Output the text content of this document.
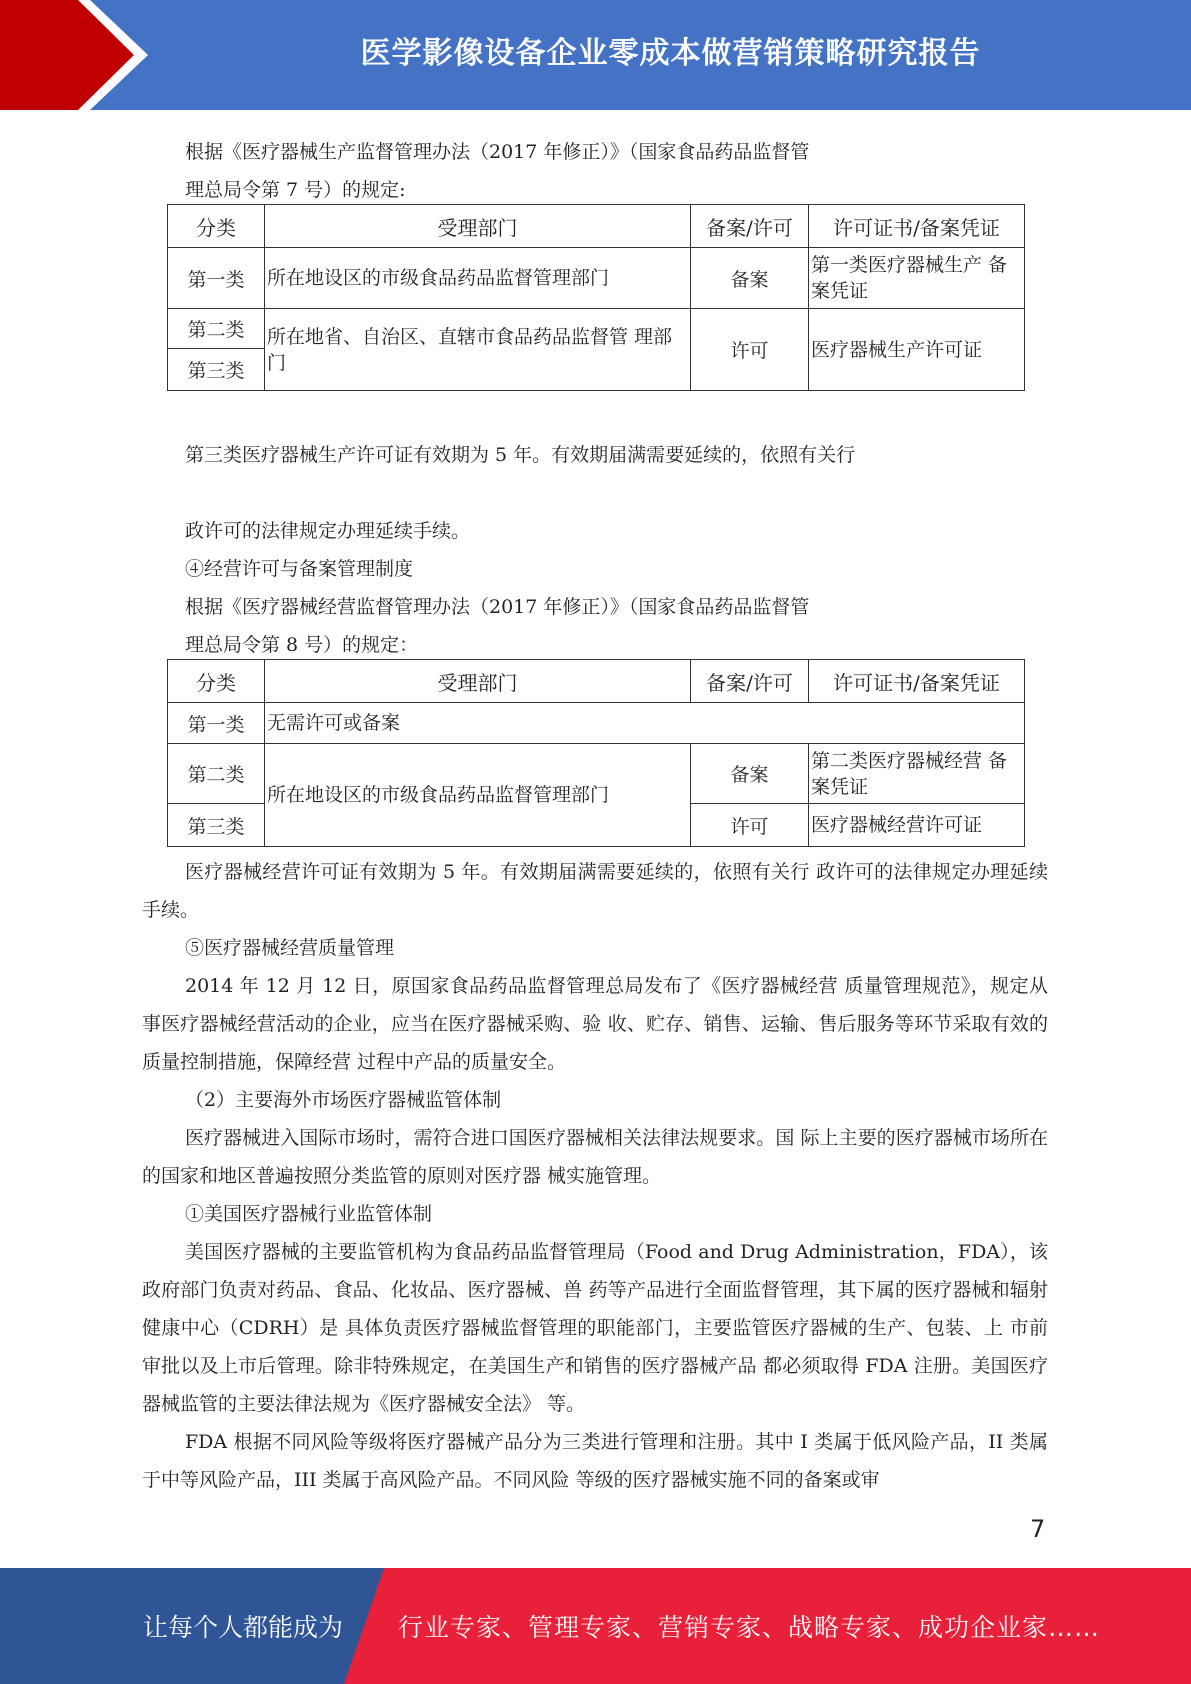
医学影像设备企业零成本做营销策略研究报告

根据《医疗器械生产监督管理办法（2017 年修正）》（国家食品药品监督管

理总局令第 7 号）的规定:

分类	受理部门	备案/许可	许可证书/备案凭证
第一类	所在地设区的市级食品药品监督管理部门	备案	第一类医疗器械生产 备案凭证
第二类	所在地省、自治区、直辖市食品药品监督管 理部门	许可	医疗器械生产许可证
第三类			

第三类医疗器械生产许可证有效期为 5 年。有效期届满需要延续的，依照有关行

政许可的法律规定办理延续手续。

④经营许可与备案管理制度

根据《医疗器械经营监督管理办法（2017 年修正）》（国家食品药品监督管

理总局令第 8 号）的规定：

分类	受理部门	备案/许可	许可证书/备案凭证
第一类	无需许可或备案		
第二类	所在地设区的市级食品药品监督管理部门	备案	第二类医疗器械经营 备案凭证
第三类		许可	医疗器械经营许可证

医疗器械经营许可证有效期为 5 年。有效期届满需要延续的，依照有关行 政许可的法律规定办理延续手续。

⑤医疗器械经营质量管理

2014 年 12 月 12 日，原国家食品药品监督管理总局发布了《医疗器械经营 质量管理规范》，规定从事医疗器械经营活动的企业，应当在医疗器械采购、验 收、贮存、销售、运输、售后服务等环节采取有效的质量控制措施，保障经营 过程中产品的质量安全。

（2）主要海外市场医疗器械监管体制

医疗器械进入国际市场时，需符合进口国医疗器械相关法律法规要求。国 际上主要的医疗器械市场所在的国家和地区普遍按照分类监管的原则对医疗器 械实施管理。

①美国医疗器械行业监管体制

美国医疗器械的主要监管机构为食品药品监督管理局（Food and Drug Administration，FDA），该政府部门负责对药品、食品、化妆品、医疗器械、兽 药等产品进行全面监督管理，其下属的医疗器械和辐射健康中心（CDRH）是 具体负责医疗器械监督管理的职能部门，主要监管医疗器械的生产、包装、上 市前审批以及上市后管理。除非特殊规定，在美国生产和销售的医疗器械产品 都必须取得 FDA 注册。美国医疗器械监管的主要法律法规为《医疗器械安全法》 等。

FDA 根据不同风险等级将医疗器械产品分为三类进行管理和注册。其中 I 类属于低风险产品，II 类属于中等风险产品，III 类属于高风险产品。不同风险 等级的医疗器械实施不同的备案或审

7
让每个人都能成为 行业专家、管理专家、营销专家、战略专家、成功企业家……
